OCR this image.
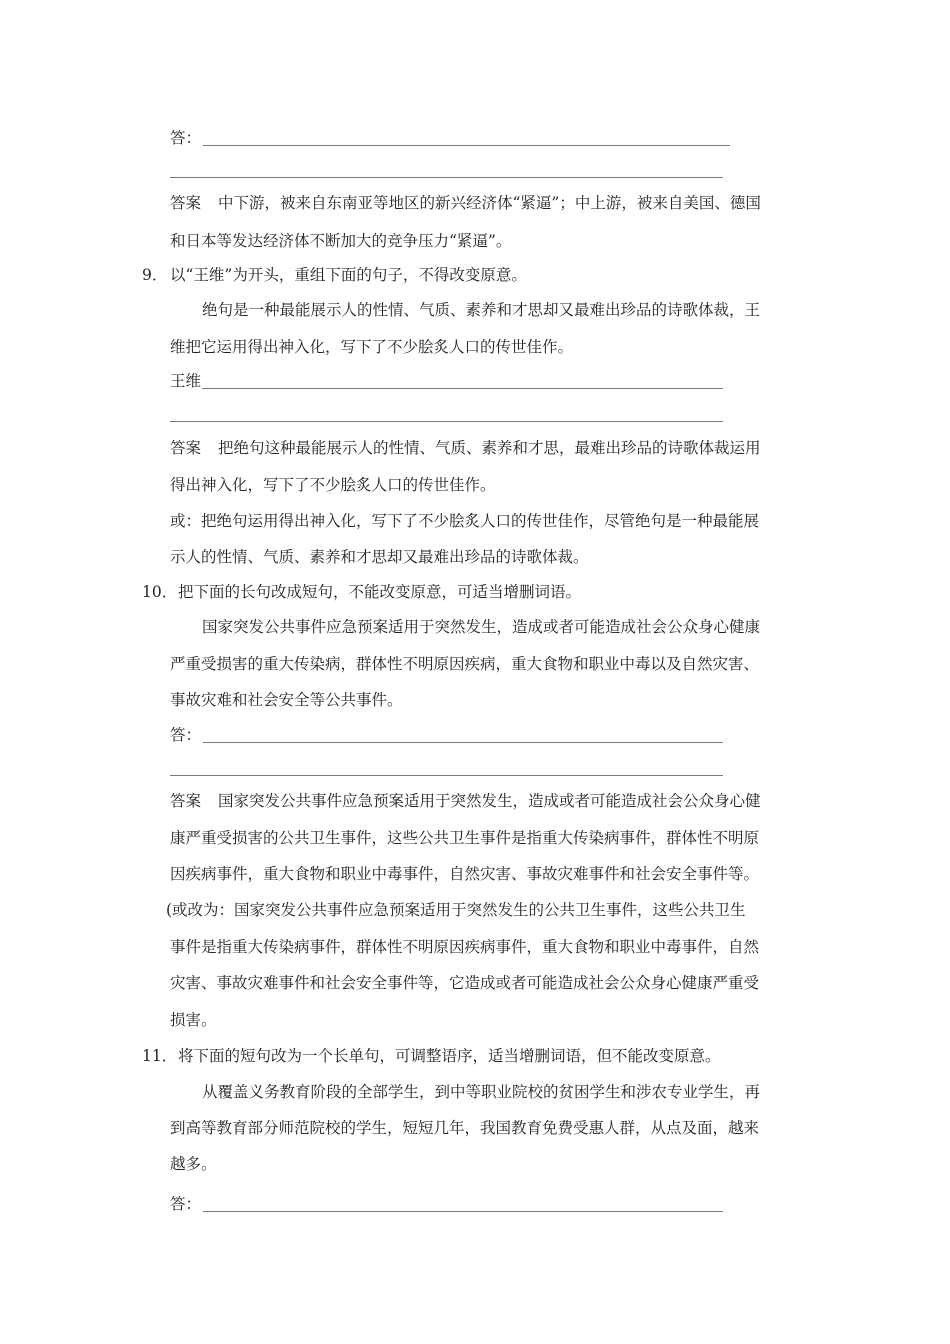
答：
答案 中下游，被来自东南亚等地区的新兴经济体“紧逼”；中上游，被来自美国、德国
和日本等发达经济体不断加大的竞争压力“紧逼”。
9． 以“王维”为开头，重组下面的句子，不得改变原意。
绝句是一种最能展示人的性情、气质、素养和才思却又最难出珍品的诗歌体裁，王
维把它运用得出神入化，写下了不少脍炙人口的传世佳作。
王维
答案 把绝句这种最能展示人的性情、气质、素养和才思，最难出珍品的诗歌体裁运用
得出神入化，写下了不少脍炙人口的传世佳作。
或：把绝句运用得出神入化，写下了不少脍炙人口的传世佳作，尽管绝句是一种最能展
示人的性情、气质、素养和才思却又最难出珍品的诗歌体裁。
10． 把下面的长句改成短句，不能改变原意，可适当增删词语。
国家突发公共事件应急预案适用于突然发生，造成或者可能造成社会公众身心健康
严重受损害的重大传染病，群体性不明原因疾病，重大食物和职业中毒以及自然灾害、
事故灾难和社会安全等公共事件。
答：
答案 国家突发公共事件应急预案适用于突然发生，造成或者可能造成社会公众身心健
康严重受损害的公共卫生事件，这些公共卫生事件是指重大传染病事件，群体性不明原
因疾病事件，重大食物和职业中毒事件，自然灾害、事故灾难事件和社会安全事件等。
(或改为：国家突发公共事件应急预案适用于突然发生的公共卫生事件，这些公共卫生
事件是指重大传染病事件，群体性不明原因疾病事件，重大食物和职业中毒事件，自然
灾害、事故灾难事件和社会安全事件等，它造成或者可能造成社会公众身心健康严重受
损害。
11． 将下面的短句改为一个长单句，可调整语序，适当增删词语，但不能改变原意。
从覆盖义务教育阶段的全部学生，到中等职业院校的贫困学生和涉农专业学生，再
到高等教育部分师范院校的学生，短短几年，我国教育免费受惠人群，从点及面，越来
越多。
答：
